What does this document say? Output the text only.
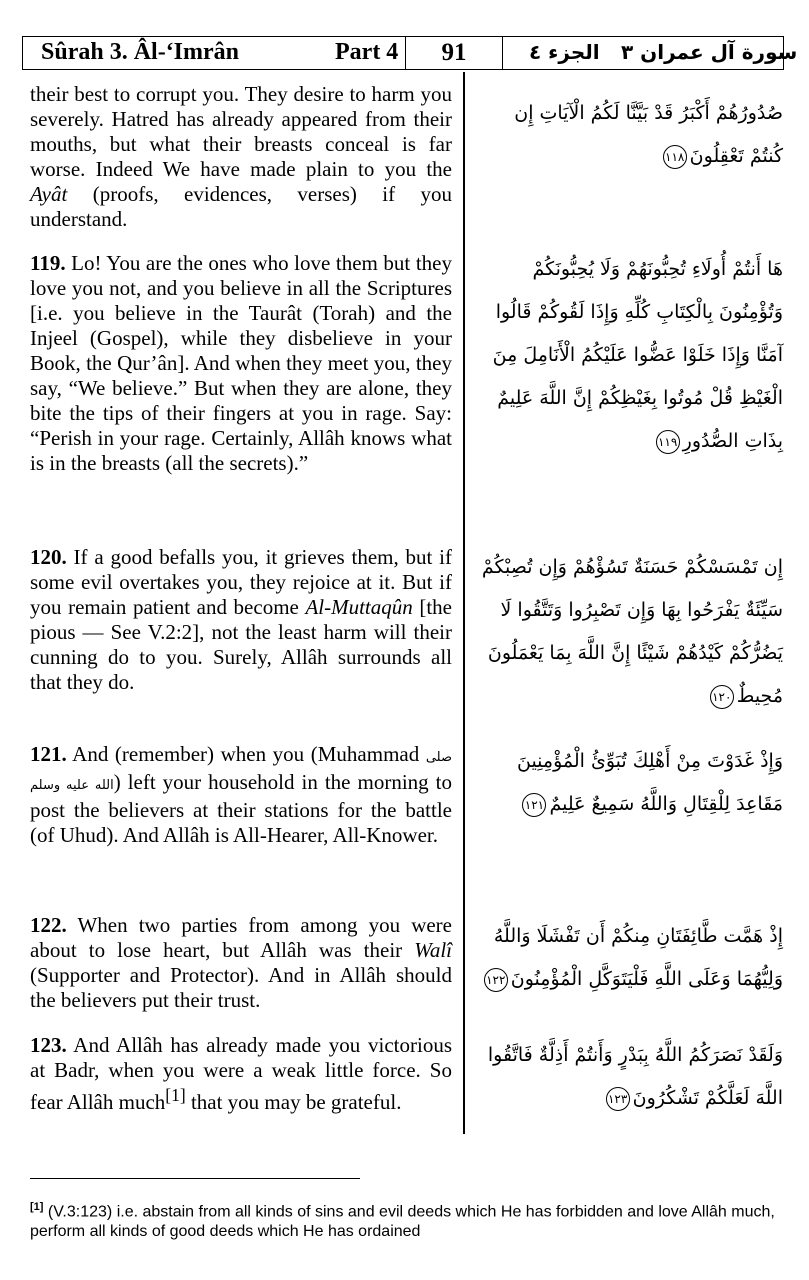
Sûrah 3. Âl-‘Imrân	Part 4	91	الجزء ٤ سورة آل عمران ٣
their best to corrupt you. They desire to harm you severely. Hatred has already appeared from their mouths, but what their breasts conceal is far worse. Indeed We have made plain to you the Ayât (proofs, evidences, verses) if you understand.
صُدُورُهُمْ أَكْبَرُ قَدْ بَيَّنَّا لَكُمُ الْآيَاتِ إِن كُنتُمْ تَعْقِلُونَ١١٨
119. Lo! You are the ones who love them but they love you not, and you believe in all the Scriptures [i.e. you believe in the Taurât (Torah) and the Injeel (Gospel), while they disbelieve in your Book, the Qur’ân]. And when they meet you, they say, “We believe.” But when they are alone, they bite the tips of their fingers at you in rage. Say: “Perish in your rage. Certainly, Allâh knows what is in the breasts (all the secrets).”
هَا أَنتُمْ أُولَاءِ تُحِبُّونَهُمْ وَلَا يُحِبُّونَكُمْ وَتُؤْمِنُونَ بِالْكِتَابِ كُلِّهِ وَإِذَا لَقُوكُمْ قَالُوا آمَنَّا وَإِذَا خَلَوْا عَضُّوا عَلَيْكُمُ الْأَنَامِلَ مِنَ الْغَيْظِ قُلْ مُوتُوا بِغَيْظِكُمْ إِنَّ اللَّهَ عَلِيمٌ بِذَاتِ الصُّدُورِ١١٩
120. If a good befalls you, it grieves them, but if some evil overtakes you, they rejoice at it. But if you remain patient and become Al-Muttaqûn [the pious — See V.2:2], not the least harm will their cunning do to you. Surely, Allâh surrounds all that they do.
إِن تَمْسَسْكُمْ حَسَنَةٌ تَسُؤْهُمْ وَإِن تُصِبْكُمْ سَيِّئَةٌ يَفْرَحُوا بِهَا وَإِن تَصْبِرُوا وَتَتَّقُوا لَا يَضُرُّكُمْ كَيْدُهُمْ شَيْئًا إِنَّ اللَّهَ بِمَا يَعْمَلُونَ مُحِيطٌ١٢٠
121. And (remember) when you (Muhammad صلى الله عليه وسلم) left your household in the morning to post the believers at their stations for the battle (of Uhud). And Allâh is All-Hearer, All-Knower.
وَإِذْ غَدَوْتَ مِنْ أَهْلِكَ تُبَوِّئُ الْمُؤْمِنِينَ مَقَاعِدَ لِلْقِتَالِ وَاللَّهُ سَمِيعٌ عَلِيمٌ١٢١
122. When two parties from among you were about to lose heart, but Allâh was their Walî (Supporter and Protector). And in Allâh should the believers put their trust.
إِذْ هَمَّت طَّائِفَتَانِ مِنكُمْ أَن تَفْشَلَا وَاللَّهُ وَلِيُّهُمَا وَعَلَى اللَّهِ فَلْيَتَوَكَّلِ الْمُؤْمِنُونَ١٢٢
123. And Allâh has already made you victorious at Badr, when you were a weak little force. So fear Allâh much[1] that you may be grateful.
وَلَقَدْ نَصَرَكُمُ اللَّهُ بِبَدْرٍ وَأَنتُمْ أَذِلَّةٌ فَاتَّقُوا اللَّهَ لَعَلَّكُمْ تَشْكُرُونَ١٢٣
[1] (V.3:123) i.e. abstain from all kinds of sins and evil deeds which He has forbidden and love Allâh much, perform all kinds of good deeds which He has ordained
